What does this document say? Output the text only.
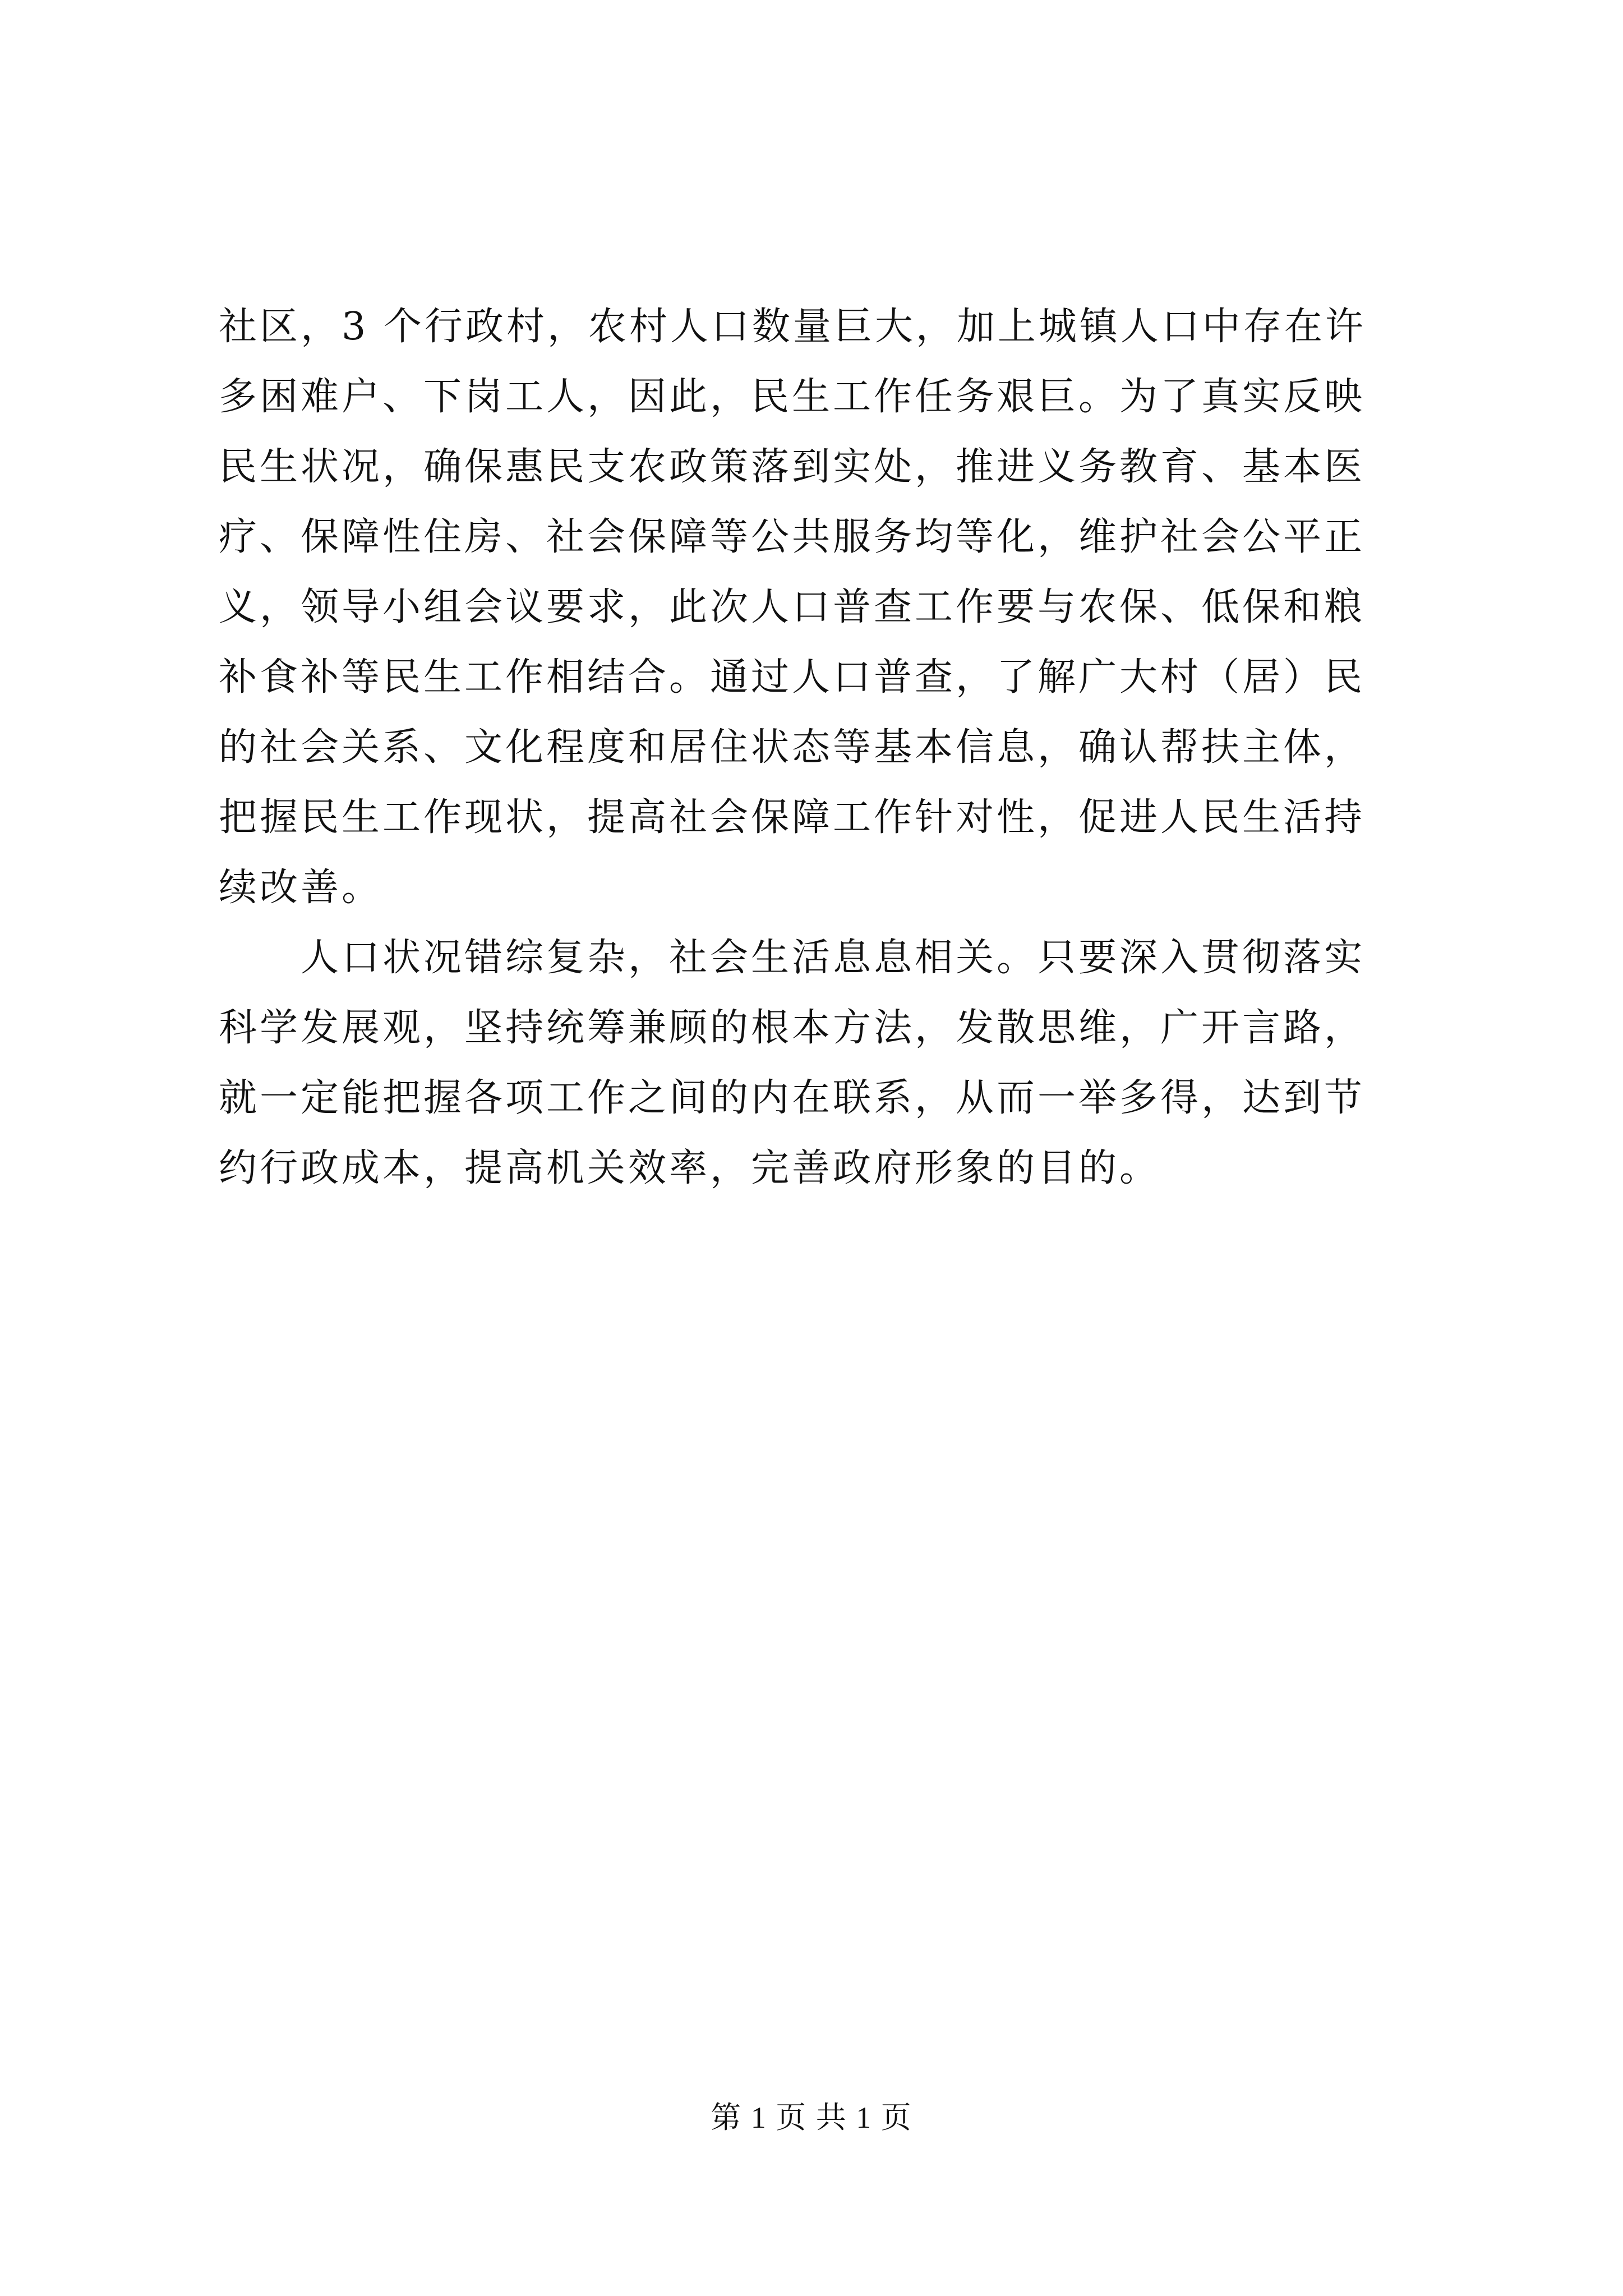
社区，3 个行政村，农村人口数量巨大，加上城镇人口中存在许
多困难户、下岗工人，因此，民生工作任务艰巨。为了真实反映
民生状况，确保惠民支农政策落到实处，推进义务教育、基本医
疗、保障性住房、社会保障等公共服务均等化，维护社会公平正
义，领导小组会议要求，此次人口普查工作要与农保、低保和粮
补食补等民生工作相结合。通过人口普查，了解广大村（居）民
的社会关系、文化程度和居住状态等基本信息，确认帮扶主体，
把握民生工作现状，提高社会保障工作针对性，促进人民生活持
续改善。
　　人口状况错综复杂，社会生活息息相关。只要深入贯彻落实
科学发展观，坚持统筹兼顾的根本方法，发散思维，广开言路，
就一定能把握各项工作之间的内在联系，从而一举多得，达到节
约行政成本，提高机关效率，完善政府形象的目的。
第 1 页 共 1 页
